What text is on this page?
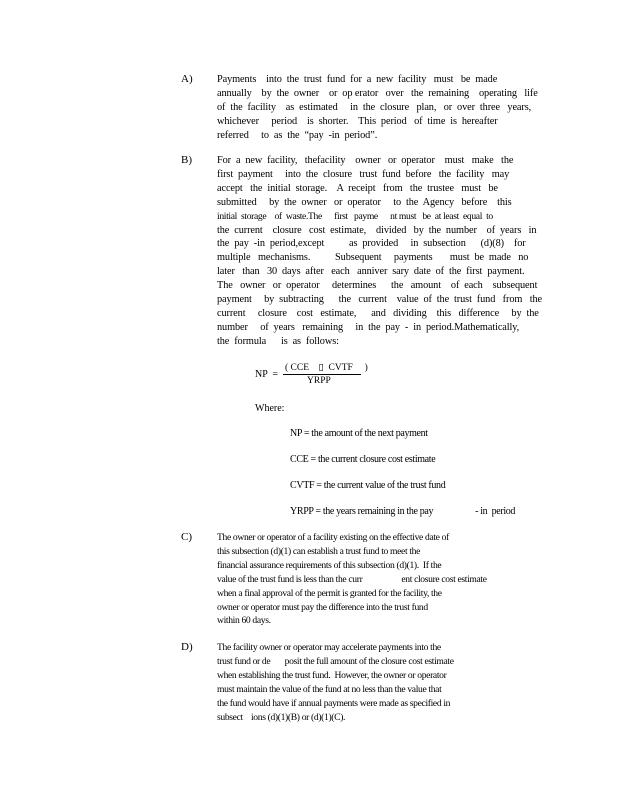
A) Payments    into  the  trust  fund  for  a  new  facility   must   be  made
annually    by  the  owner    or  op erator   over   the  remaining    operating   life
of  the  facility    as  estimated     in  the  closure   plan,   or  over  three   years,
whichever     period    is  shorter.    This  period   of  time  is  hereafter
referred     to  as  the  “pay  -in  period”.
B) For  a  new  facility,   thefacility    owner   or  operator    must   make   the
first  payment     into  the  closure   trust  fund  before   the  facility   may
accept   the  initial  storage.    A  receipt   from   the  trustee   must   be
submitted     by  the  owner   or  operator     to  the  Agency   before    this
initial  storage    of  waste.The      first   payme      nt must   be  at least  equal  to
the  current    closure   cost  estimate,    divided   by  the  number    of  years   in
the  pay  -in  period,except          as  provided     in  subsection      (d)(8)    for
multiple   mechanisms.          Subsequent     payments       must  be  made   no
later   than   30  days  after   each   anniver  sary  date  of  the  first  payment.
The   owner   or  operator     determines      the   amount    of  each    subsequent
payment     by  subtracting      the   current    value  of  the  trust  fund   from   the
current     closure    cost   estimate,      and   dividing    this   difference     by  the
number     of  years   remaining     in  the  pay  -  in  period.Mathematically,
the  formula      is  as  follows:
NP  =
( CCE    ▯  CVTF     )
YRPP
Where:
NP = the amount of the next payment
CCE = the current closure cost estimate
CVTF = the current value of the trust fund
YRPP = the years remaining in the pay	- in  period
C)	The owner or operator of a facility existing on the effective date of
this subsection (d)(1) can establish a trust fund to meet the
financial assurance requirements of this subsection (d)(1).  If the
value of the trust fund is less than the curr                   ent closure cost estimate
when a final approval of the permit is granted for the facility, the
owner or operator must pay the difference into the trust fund
within 60 days.
D)	The facility owner or operator may accelerate payments into the
trust fund or de       posit the full amount of the closure cost estimate
when establishing the trust fund.  However, the owner or operator
must maintain the value of the fund at no less than the value that
the fund would have if annual payments were made as specified in
subsect    ions (d)(1)(B) or (d)(1)(C).
